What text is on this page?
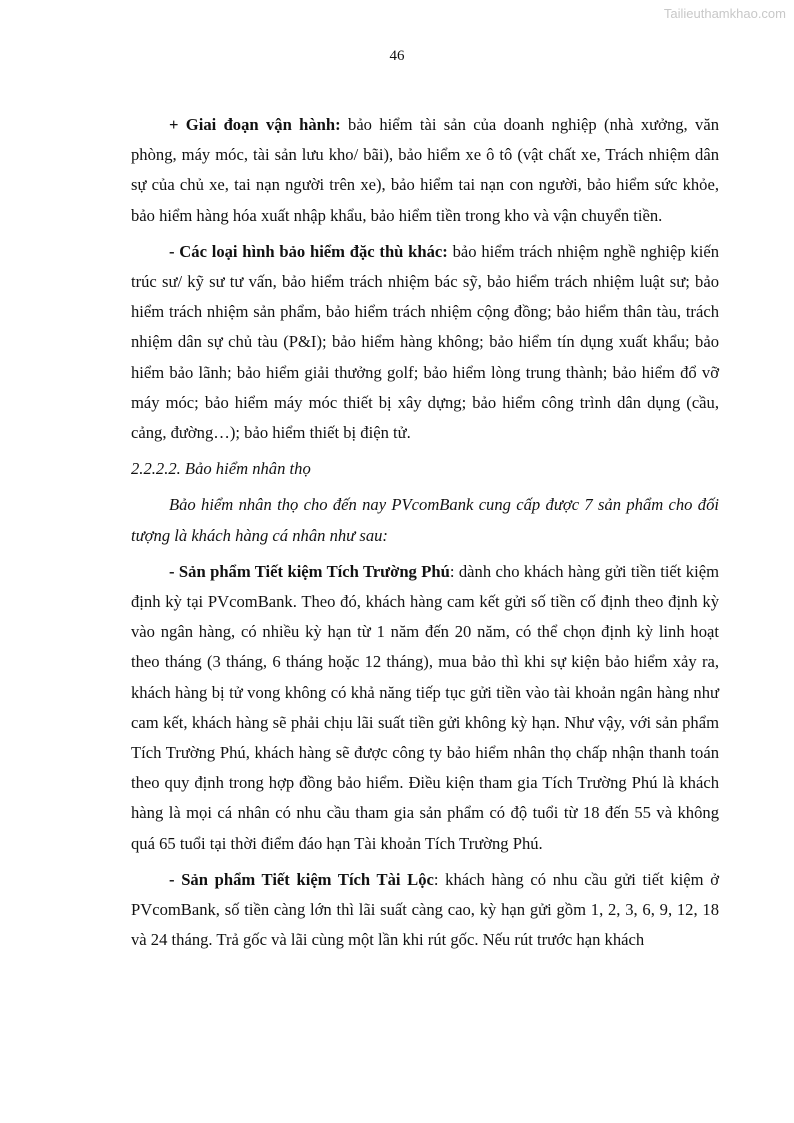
Tailieuthamkhao.com
46

+ Giai đoạn vận hành: bảo hiểm tài sản của doanh nghiệp (nhà xưởng, văn phòng, máy móc, tài sản lưu kho/ bãi), bảo hiểm xe ô tô (vật chất xe, Trách nhiệm dân sự của chủ xe, tai nạn người trên xe), bảo hiểm tai nạn con người, bảo hiểm sức khỏe, bảo hiểm hàng hóa xuất nhập khẩu, bảo hiểm tiền trong kho và vận chuyển tiền.

- Các loại hình bảo hiểm đặc thù khác: bảo hiểm trách nhiệm nghề nghiệp kiến trúc sư/ kỹ sư tư vấn, bảo hiểm trách nhiệm bác sỹ, bảo hiểm trách nhiệm luật sư; bảo hiểm trách nhiệm sản phẩm, bảo hiểm trách nhiệm cộng đồng; bảo hiểm thân tàu, trách nhiệm dân sự chủ tàu (P&I); bảo hiểm hàng không; bảo hiểm tín dụng xuất khẩu; bảo hiểm bảo lãnh; bảo hiểm giải thưởng golf; bảo hiểm lòng trung thành; bảo hiểm đổ vỡ máy móc; bảo hiểm máy móc thiết bị xây dựng; bảo hiểm công trình dân dụng (cầu, cảng, đường…); bảo hiểm thiết bị điện tử.

2.2.2.2. Bảo hiểm nhân thọ

Bảo hiểm nhân thọ cho đến nay PVcomBank cung cấp được 7 sản phẩm cho đối tượng là khách hàng cá nhân như sau:

- Sản phẩm Tiết kiệm Tích Trường Phú: dành cho khách hàng gửi tiền tiết kiệm định kỳ tại PVcomBank. Theo đó, khách hàng cam kết gửi số tiền cố định theo định kỳ vào ngân hàng, có nhiều kỳ hạn từ 1 năm đến 20 năm, có thể chọn định kỳ linh hoạt theo tháng (3 tháng, 6 tháng hoặc 12 tháng), mua bảo thì khi sự kiện bảo hiểm xảy ra, khách hàng bị tử vong không có khả năng tiếp tục gửi tiền vào tài khoản ngân hàng như cam kết, khách hàng sẽ phải chịu lãi suất tiền gửi không kỳ hạn. Như vậy, với sản phẩm Tích Trường Phú, khách hàng sẽ được công ty bảo hiểm nhân thọ chấp nhận thanh toán theo quy định trong hợp đồng bảo hiểm. Điều kiện tham gia Tích Trường Phú là khách hàng là mọi cá nhân có nhu cầu tham gia sản phẩm có độ tuổi từ 18 đến 55 và không quá 65 tuổi tại thời điểm đáo hạn Tài khoản Tích Trường Phú.

- Sản phẩm Tiết kiệm Tích Tài Lộc: khách hàng có nhu cầu gửi tiết kiệm ở PVcomBank, số tiền càng lớn thì lãi suất càng cao, kỳ hạn gửi gồm 1, 2, 3, 6, 9, 12, 18 và 24 tháng. Trả gốc và lãi cùng một lần khi rút gốc. Nếu rút trước hạn khách
